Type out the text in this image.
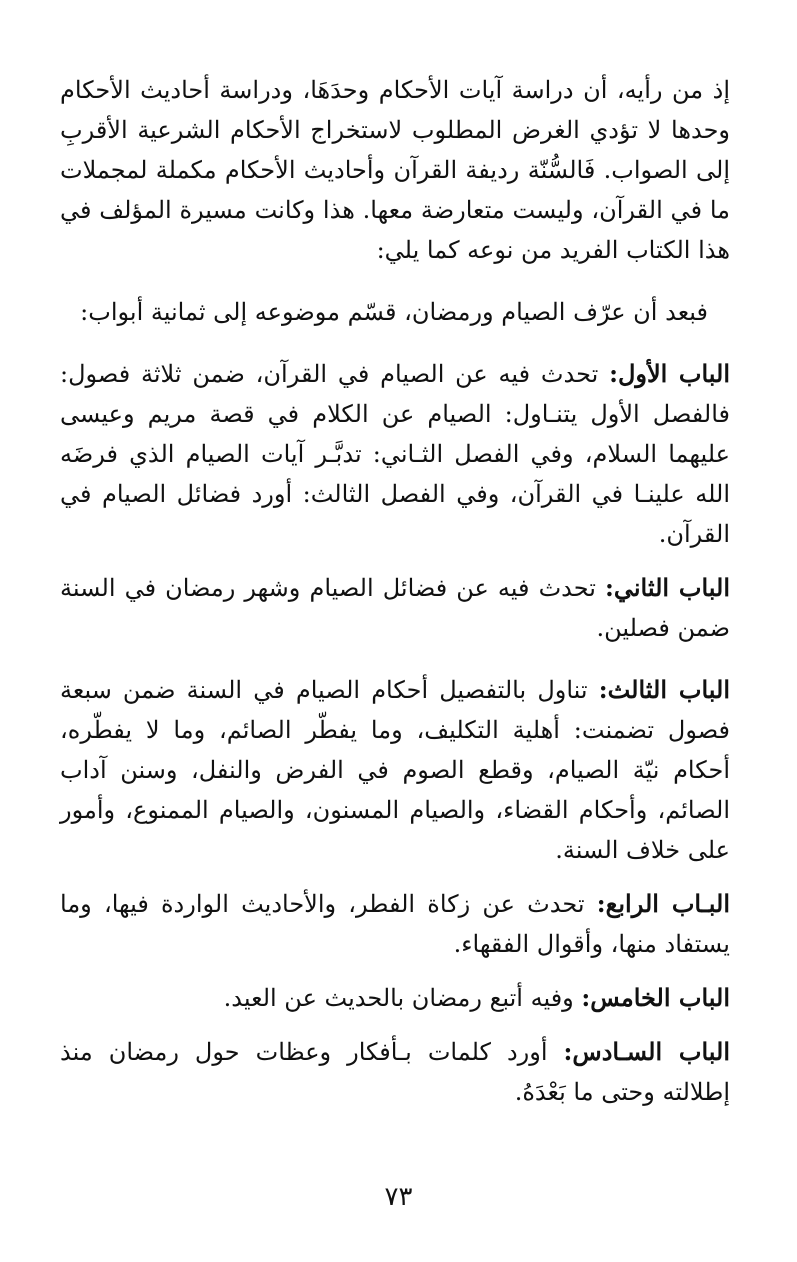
إذ من رأيه، أن دراسة آيات الأحكام وحدَهَا، ودراسة أحاديث الأحكام وحدها لا تؤدي الغرض المطلوب لاستخراج الأحكام الشرعية الأقربِ إلى الصواب. فَالسُّنّة رديفة القرآن وأحاديث الأحكام مكملة لمجملات ما في القرآن، وليست متعارضة معها. هذا وكانت مسيرة المؤلف في هذا الكتاب الفريد من نوعه كما يلي:

فبعد أن عرّف الصيام ورمضان، قسّم موضوعه إلى ثمانية أبواب:

الباب الأول: تحدث فيه عن الصيام في القرآن، ضمن ثلاثة فصول: فالفصل الأول يتنـاول: الصيام عن الكلام في قصة مريم وعيسى عليهما السلام، وفي الفصل الثـاني: تدبَّـر آيات الصيام الذي فرضَه الله علينـا في القرآن، وفي الفصل الثالث: أورد فضائل الصيام في القرآن.

الباب الثاني: تحدث فيه عن فضائل الصيام وشهر رمضان في السنة ضمن فصلين.

الباب الثالث: تناول بالتفصيل أحكام الصيام في السنة ضمن سبعة فصول تضمنت: أهلية التكليف، وما يفطّر الصائم، وما لا يفطّره، أحكام نيّة الصيام، وقطع الصوم في الفرض والنفل، وسنن آداب الصائم، وأحكام القضاء، والصيام المسنون، والصيام الممنوع، وأمور على خلاف السنة.

البـاب الرابع: تحدث عن زكاة الفطر، والأحاديث الواردة فيها، وما يستفاد منها، وأقوال الفقهاء.

الباب الخامس: وفيه أتبع رمضان بالحديث عن العيد.

الباب السـادس: أورد كلمات بـأفكار وعظات حول رمضان منذ إطلالته وحتى ما بَعْدَهُ.

٧٣
